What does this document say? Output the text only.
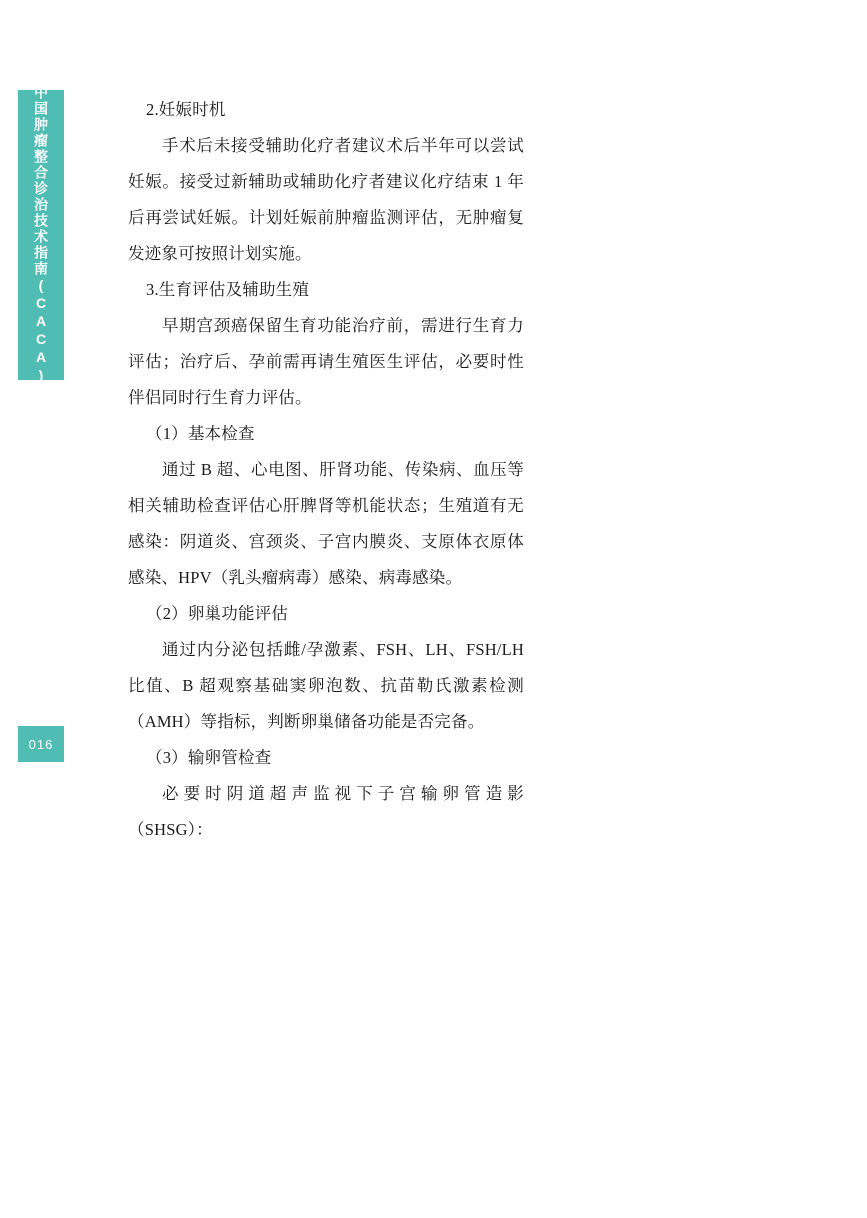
中国肿瘤整合诊治技术指南(CACA)
016

2.妊娠时机

手术后未接受辅助化疗者建议术后半年可以尝试妊娠。接受过新辅助或辅助化疗者建议化疗结束 1 年后再尝试妊娠。计划妊娠前肿瘤监测评估，无肿瘤复发迹象可按照计划实施。

3.生育评估及辅助生殖

早期宫颈癌保留生育功能治疗前，需进行生育力评估；治疗后、孕前需再请生殖医生评估，必要时性伴侣同时行生育力评估。

（1）基本检查

通过 B 超、心电图、肝肾功能、传染病、血压等相关辅助检查评估心肝脾肾等机能状态；生殖道有无感染：阴道炎、宫颈炎、子宫内膜炎、支原体衣原体感染、HPV（乳头瘤病毒）感染、病毒感染。

（2）卵巢功能评估

通过内分泌包括雌/孕激素、FSH、LH、FSH/LH 比值、B 超观察基础窦卵泡数、抗苗勒氏激素检测（AMH）等指标，判断卵巢储备功能是否完备。

（3）输卵管检查

必要时阴道超声监视下子宫输卵管造影（SHSG）：
